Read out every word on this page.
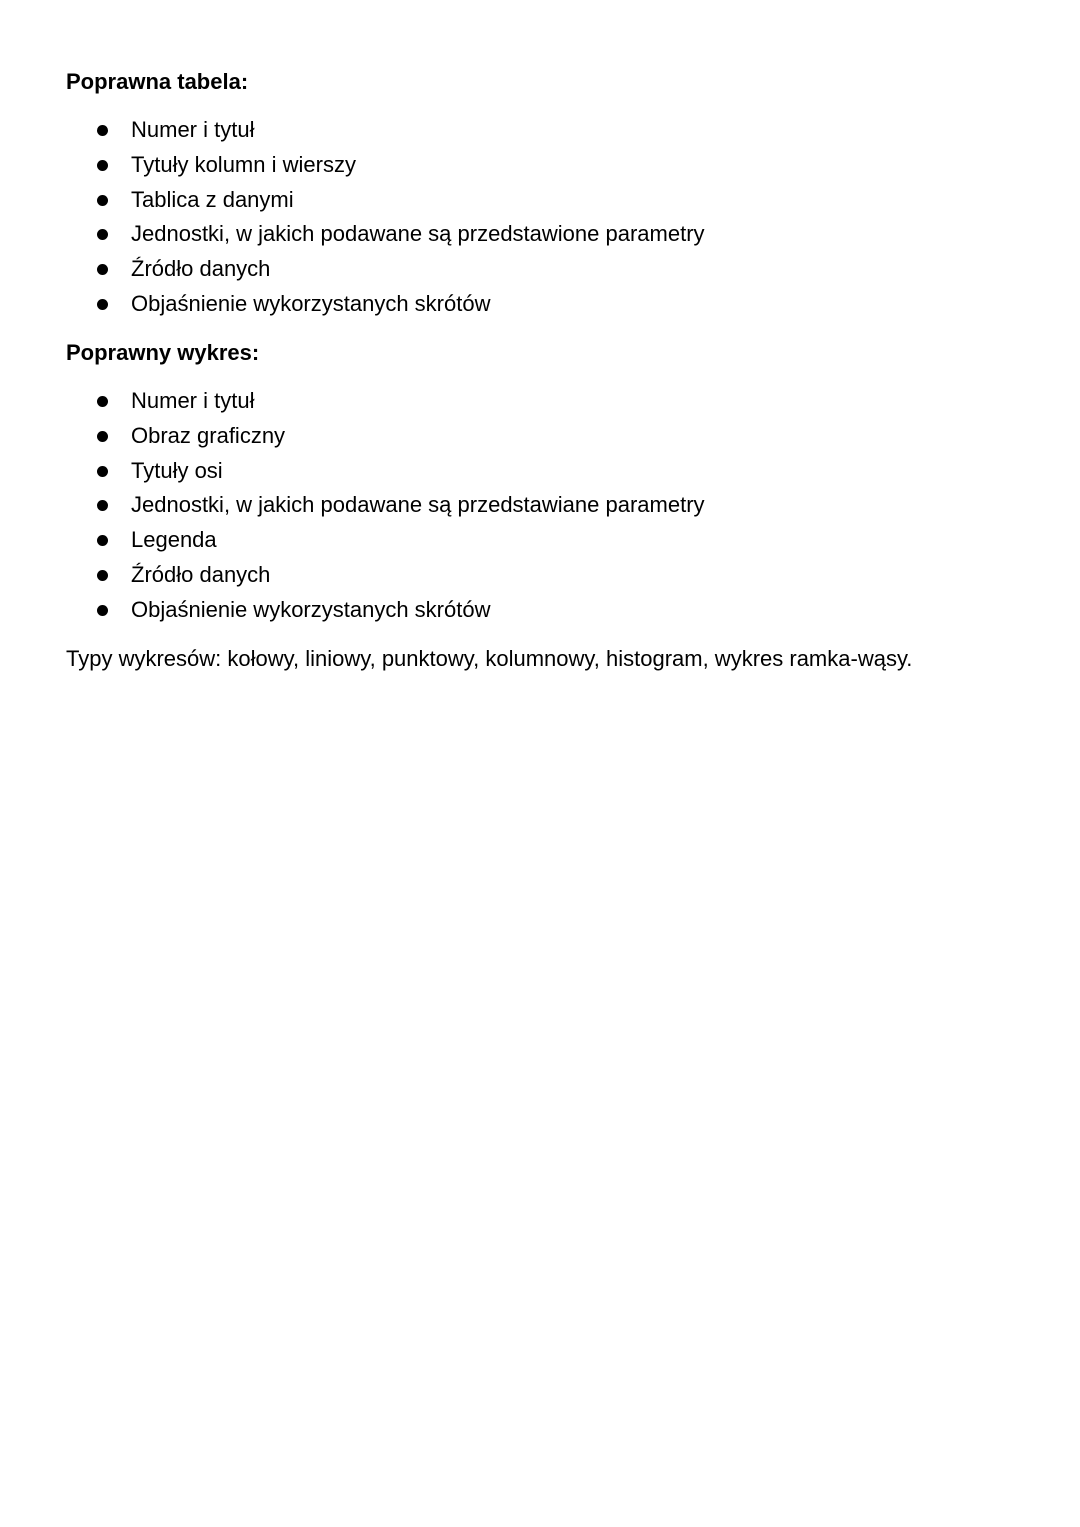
Poprawna tabela:
Numer i tytuł
Tytuły kolumn i wierszy
Tablica z danymi
Jednostki, w jakich podawane są przedstawione parametry
Źródło danych
Objaśnienie wykorzystanych skrótów
Poprawny wykres:
Numer i tytuł
Obraz graficzny
Tytuły osi
Jednostki, w jakich podawane są przedstawiane parametry
Legenda
Źródło danych
Objaśnienie wykorzystanych skrótów

Typy wykresów: kołowy, liniowy, punktowy, kolumnowy, histogram, wykres ramka-wąsy.
